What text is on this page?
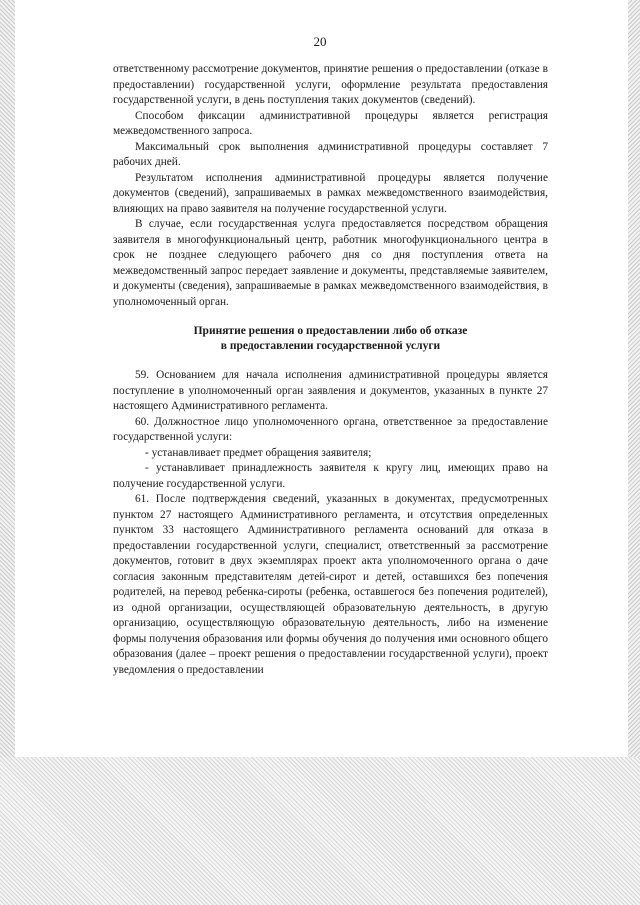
20

ответственному рассмотрение документов, принятие решения о предоставлении (отказе в предоставлении) государственной услуги, оформление результата предоставления государственной услуги, в день поступления таких документов (сведений).

Способом фиксации административной процедуры является регистрация межведомственного запроса.

Максимальный срок выполнения административной процедуры составляет 7 рабочих дней.

Результатом исполнения административной процедуры является получение документов (сведений), запрашиваемых в рамках межведомственного взаимодействия, влияющих на право заявителя на получение государственной услуги.

В случае, если государственная услуга предоставляется посредством обращения заявителя в многофункциональный центр, работник многофункционального центра в срок не позднее следующего рабочего дня со дня поступления ответа на межведомственный запрос передает заявление и документы, представляемые заявителем, и документы (сведения), запрашиваемые в рамках межведомственного взаимодействия, в уполномоченный орган.

Принятие решения о предоставлении либо об отказе
в предоставлении государственной услуги

59. Основанием для начала исполнения административной процедуры является поступление в уполномоченный орган заявления и документов, указанных в пункте 27 настоящего Административного регламента.

60. Должностное лицо уполномоченного органа, ответственное за предоставление государственной услуги:

- устанавливает предмет обращения заявителя;

- устанавливает принадлежность заявителя к кругу лиц, имеющих право на получение государственной услуги.

61. После подтверждения сведений, указанных в документах, предусмотренных пунктом 27 настоящего Административного регламента, и отсутствия определенных пунктом 33 настоящего Административного регламента оснований для отказа в предоставлении государственной услуги, специалист, ответственный за рассмотрение документов, готовит в двух экземплярах проект акта уполномоченного органа о даче согласия законным представителям детей-сирот и детей, оставшихся без попечения родителей, на перевод ребенка-сироты (ребенка, оставшегося без попечения родителей), из одной организации, осуществляющей образовательную деятельность, в другую организацию, осуществляющую образовательную деятельность, либо на изменение формы получения образования или формы обучения до получения ими основного общего образования (далее – проект решения о предоставлении государственной услуги), проект уведомления о предоставлении
